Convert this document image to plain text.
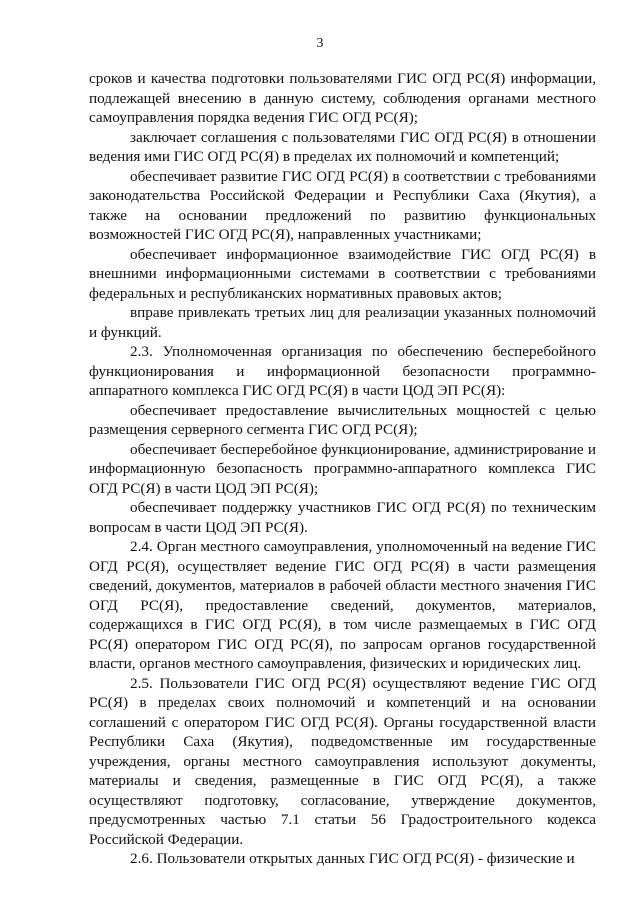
3

сроков и качества подготовки пользователями ГИС ОГД РС(Я) информации, подлежащей внесению в данную систему, соблюдения органами местного самоуправления порядка ведения ГИС ОГД РС(Я);

заключает соглашения с пользователями ГИС ОГД РС(Я) в отношении ведения ими ГИС ОГД РС(Я) в пределах их полномочий и компетенций;

обеспечивает развитие ГИС ОГД РС(Я) в соответствии с требованиями законодательства Российской Федерации и Республики Саха (Якутия), а также на основании предложений по развитию функциональных возможностей ГИС ОГД РС(Я), направленных участниками;

обеспечивает информационное взаимодействие ГИС ОГД РС(Я) в внешними информационными системами в соответствии с требованиями федеральных и республиканских нормативных правовых актов;

вправе привлекать третьих лиц для реализации указанных полномочий и функций.

2.3. Уполномоченная организация по обеспечению бесперебойного функционирования и информационной безопасности программно-аппаратного комплекса ГИС ОГД РС(Я) в части ЦОД ЭП РС(Я):

обеспечивает предоставление вычислительных мощностей с целью размещения серверного сегмента ГИС ОГД РС(Я);

обеспечивает бесперебойное функционирование, администрирование и информационную безопасность программно-аппаратного комплекса ГИС ОГД РС(Я) в части ЦОД ЭП РС(Я);

обеспечивает поддержку участников ГИС ОГД РС(Я) по техническим вопросам в части ЦОД ЭП РС(Я).

2.4. Орган местного самоуправления, уполномоченный на ведение ГИС ОГД РС(Я), осуществляет ведение ГИС ОГД РС(Я) в части размещения сведений, документов, материалов в рабочей области местного значения ГИС ОГД РС(Я), предоставление сведений, документов, материалов, содержащихся в ГИС ОГД РС(Я), в том числе размещаемых в ГИС ОГД РС(Я) оператором ГИС ОГД РС(Я), по запросам органов государственной власти, органов местного самоуправления, физических и юридических лиц.

2.5. Пользователи ГИС ОГД РС(Я) осуществляют ведение ГИС ОГД РС(Я) в пределах своих полномочий и компетенций и на основании соглашений с оператором ГИС ОГД РС(Я). Органы государственной власти Республики Саха (Якутия), подведомственные им государственные учреждения, органы местного самоуправления используют документы, материалы и сведения, размещенные в ГИС ОГД РС(Я), а также осуществляют подготовку, согласование, утверждение документов, предусмотренных частью 7.1 статьи 56 Градостроительного кодекса Российской Федерации.

2.6. Пользователи открытых данных ГИС ОГД РС(Я) - физические и
